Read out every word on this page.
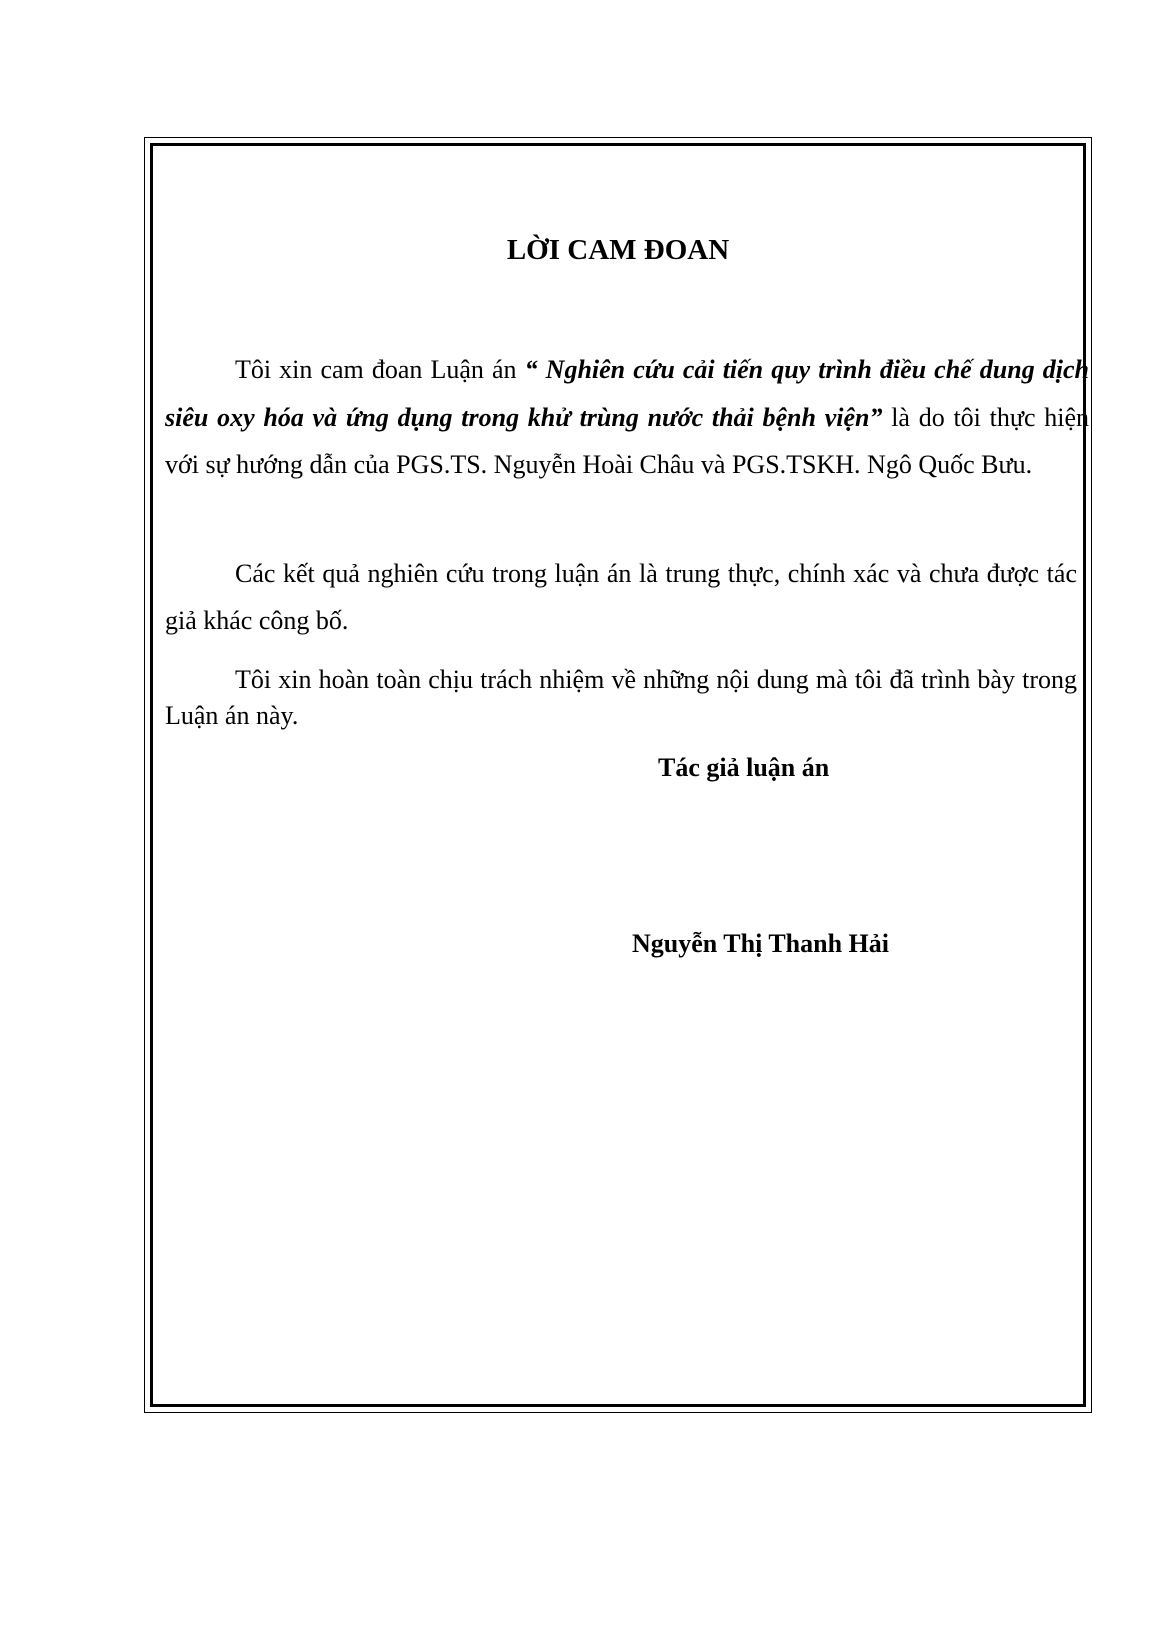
LỜI CAM ĐOAN

Tôi xin cam đoan Luận án “ Nghiên cứu cải tiến quy trình điều chế dung dịch siêu oxy hóa và ứng dụng trong khử trùng nước thải bệnh viện” là do tôi thực hiện với sự hướng dẫn của PGS.TS. Nguyễn Hoài Châu và PGS.TSKH. Ngô Quốc Bưu.

Các kết quả nghiên cứu trong luận án là trung thực, chính xác và chưa được tác giả khác công bố.

Tôi xin hoàn toàn chịu trách nhiệm về những nội dung mà tôi đã trình bày trong Luận án này.

Tác giả luận án

Nguyễn Thị Thanh Hải
